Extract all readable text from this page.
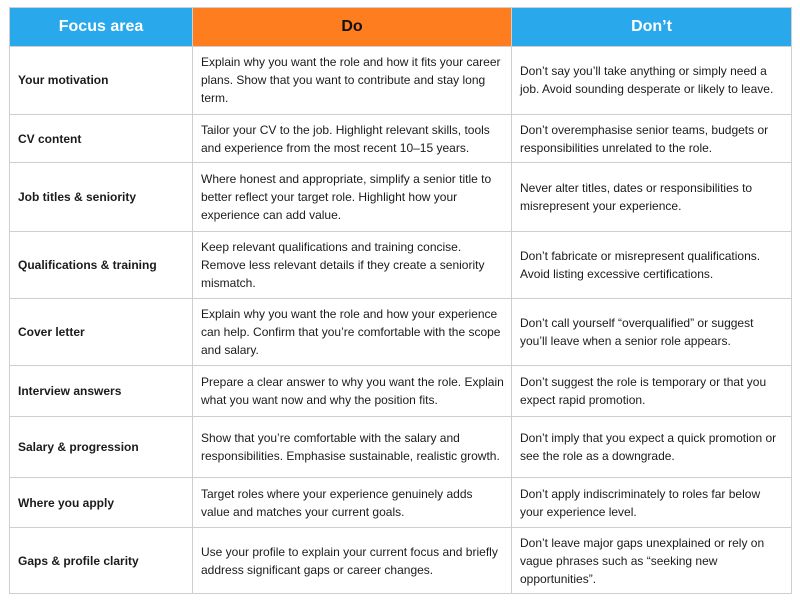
Focus area	Do	Don’t
Your motivation	Explain why you want the role and how it fits your career plans. Show that you want to contribute and stay long term.	Don’t say you’ll take anything or simply need a job. Avoid sounding desperate or likely to leave.
CV content	Tailor your CV to the job. Highlight relevant skills, tools and experience from the most recent 10–15 years.	Don’t overemphasise senior teams, budgets or responsibilities unrelated to the role.
Job titles & seniority	Where honest and appropriate, simplify a senior title to better reflect your target role. Highlight how your experience can add value.	Never alter titles, dates or responsibilities to misrepresent your experience.
Qualifications & training	Keep relevant qualifications and training concise. Remove less relevant details if they create a seniority mismatch.	Don’t fabricate or misrepresent qualifications. Avoid listing excessive certifications.
Cover letter	Explain why you want the role and how your experience can help. Confirm that you’re comfortable with the scope and salary.	Don’t call yourself “overqualified” or suggest you’ll leave when a senior role appears.
Interview answers	Prepare a clear answer to why you want the role. Explain what you want now and why the position fits.	Don’t suggest the role is temporary or that you expect rapid promotion.
Salary & progression	Show that you’re comfortable with the salary and responsibilities. Emphasise sustainable, realistic growth.	Don’t imply that you expect a quick promotion or see the role as a downgrade.
Where you apply	Target roles where your experience genuinely adds value and matches your current goals.	Don’t apply indiscriminately to roles far below your experience level.
Gaps & profile clarity	Use your profile to explain your current focus and briefly address significant gaps or career changes.	Don’t leave major gaps unexplained or rely on vague phrases such as “seeking new opportunities”.
